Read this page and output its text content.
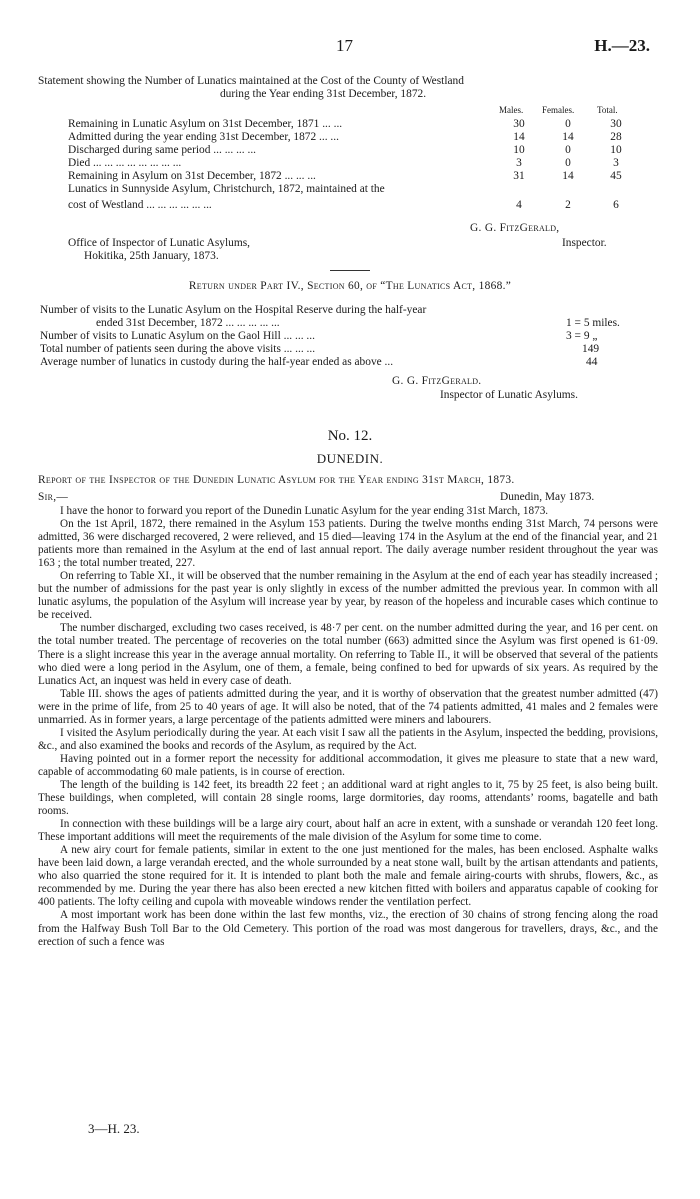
17	H.—23.
Statement showing the Number of Lunatics maintained at the Cost of the County of Westland
during the Year ending 31st December, 1872.
Males. Females.	Total.
Remaining in Lunatic Asylum on 31st December, 1871 ... ...	30	0	30
Admitted during the year ending 31st December, 1872 ... ...	14	14	28
Discharged during same period ... ... ... ...	10	0	10
Died ... ... ... ... ... ... ... ...	3	0	3
Remaining in Asylum on 31st December, 1872 ... ... ...	31	14	45
Lunatics in Sunnyside Asylum, Christchurch, 1872, maintained at the
cost of Westland ... ... ... ... ... ...	4	2	6
G. G. FitzGerald,
Inspector.
Office of Inspector of Lunatic Asylums,
Hokitika, 25th January, 1873.
Return under Part IV., Section 60, of “The Lunatics Act, 1868.”
Number of visits to the Lunatic Asylum on the Hospital Reserve during the half-year
ended 31st December, 1872 ... ... ... ... ...	1 = 5 miles.
Number of visits to Lunatic Asylum on the Gaol Hill ... ... ...	3 = 9 „
Total number of patients seen during the above visits ... ... ...	149
Average number of lunatics in custody during the half-year ended as above ...	44
G. G. FitzGerald.
Inspector of Lunatic Asylums.
No. 12.
DUNEDIN.
Report of the Inspector of the Dunedin Lunatic Asylum for the Year ending 31st March, 1873.
Sir,—	Dunedin, May 1873.

I have the honor to forward you report of the Dunedin Lunatic Asylum for the year ending 31st March, 1873.

On the 1st April, 1872, there remained in the Asylum 153 patients. During the twelve months ending 31st March, 74 persons were admitted, 36 were discharged recovered, 2 were relieved, and 15 died—leaving 174 in the Asylum at the end of the financial year, and 21 patients more than remained in the Asylum at the end of last annual report. The daily average number resident throughout the year was 163 ; the total number treated, 227.

On referring to Table XI., it will be observed that the number remaining in the Asylum at the end of each year has steadily increased ; but the number of admissions for the past year is only slightly in excess of the number admitted the previous year. In common with all lunatic asylums, the population of the Asylum will increase year by year, by reason of the hopeless and incurable cases which continue to be received.

The number discharged, excluding two cases received, is 48·7 per cent. on the number admitted during the year, and 16 per cent. on the total number treated. The percentage of recoveries on the total number (663) admitted since the Asylum was first opened is 61·09. There is a slight increase this year in the average annual mortality. On referring to Table II., it will be observed that several of the patients who died were a long period in the Asylum, one of them, a female, being confined to bed for upwards of six years. As required by the Lunatics Act, an inquest was held in every case of death.

Table III. shows the ages of patients admitted during the year, and it is worthy of observation that the greatest number admitted (47) were in the prime of life, from 25 to 40 years of age. It will also be noted, that of the 74 patients admitted, 41 males and 2 females were unmarried. As in former years, a large percentage of the patients admitted were miners and labourers.

I visited the Asylum periodically during the year. At each visit I saw all the patients in the Asylum, inspected the bedding, provisions, &c., and also examined the books and records of the Asylum, as required by the Act.

Having pointed out in a former report the necessity for additional accommodation, it gives me pleasure to state that a new ward, capable of accommodating 60 male patients, is in course of erection.

The length of the building is 142 feet, its breadth 22 feet ; an additional ward at right angles to it, 75 by 25 feet, is also being built. These buildings, when completed, will contain 28 single rooms, large dormitories, day rooms, attendants’ rooms, bagatelle and bath rooms.

In connection with these buildings will be a large airy court, about half an acre in extent, with a sunshade or verandah 120 feet long. These important additions will meet the requirements of the male division of the Asylum for some time to come.

A new airy court for female patients, similar in extent to the one just mentioned for the males, has been enclosed. Asphalte walks have been laid down, a large verandah erected, and the whole surrounded by a neat stone wall, built by the artisan attendants and patients, who also quarried the stone required for it. It is intended to plant both the male and female airing-courts with shrubs, flowers, &c., as recommended by me. During the year there has also been erected a new kitchen fitted with boilers and apparatus capable of cooking for 400 patients. The lofty ceiling and cupola with moveable windows render the ventilation perfect.

A most important work has been done within the last few months, viz., the erection of 30 chains of strong fencing along the road from the Halfway Bush Toll Bar to the Old Cemetery. This portion of the road was most dangerous for travellers, drays, &c., and the erection of such a fence was

3—H. 23.
